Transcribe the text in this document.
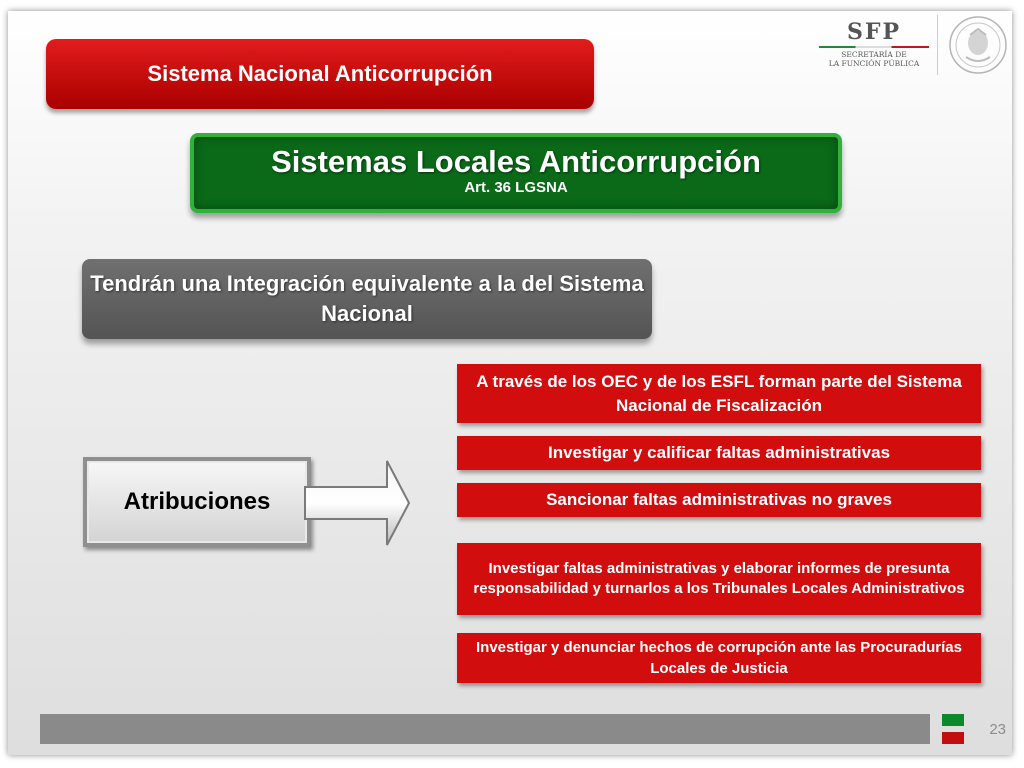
Sistema Nacional Anticorrupción
SFP
SECRETARÍA DE
LA FUNCIÓN PÚBLICA
Sistemas Locales Anticorrupción
Art. 36 LGSNA
Tendrán una Integración equivalente a la del Sistema Nacional
Atribuciones
A través de los OEC y de los ESFL forman parte del Sistema Nacional de Fiscalización
Investigar y calificar faltas administrativas
Sancionar faltas administrativas no graves
Investigar faltas administrativas y elaborar informes de presunta responsabilidad y turnarlos a los Tribunales Locales Administrativos
Investigar y denunciar hechos de corrupción ante las Procuradurías Locales de Justicia
23
